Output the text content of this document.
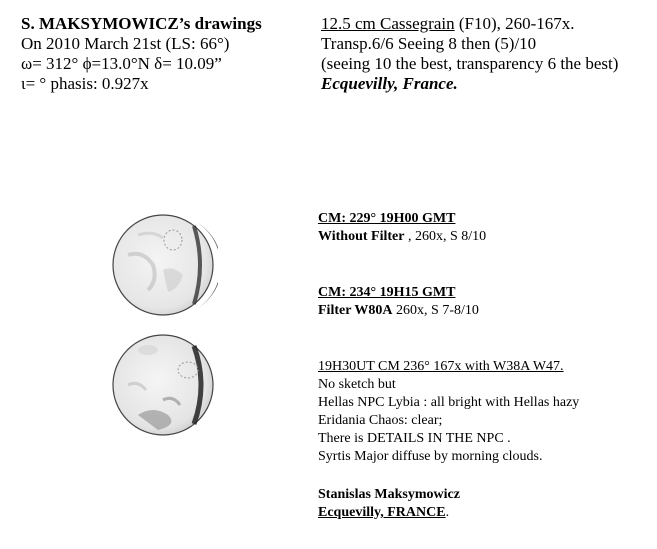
S. MAKSYMOWICZ’s drawings
On 2010 March 21st (LS: 66°)
ω= 312° ϕ=13.0°N δ= 10.09”
ι= ° phasis: 0.927x
12.5 cm Cassegrain (F10), 260-167x.
Transp.6/6 Seeing 8 then (5)/10
(seeing 10 the best, transparency 6 the best)
Ecquevilly, France.
CM: 229° 19H00 GMT
Without Filter , 260x, S 8/10
CM: 234° 19H15 GMT
Filter W80A 260x, S 7-8/10
19H30UT CM 236° 167x with W38A W47.
No sketch but
Hellas NPC Lybia : all bright with Hellas hazy
Eridania Chaos: clear;
There is DETAILS IN THE NPC .
Syrtis Major diffuse by morning clouds.
Stanislas Maksymowicz
Ecquevilly, FRANCE.
